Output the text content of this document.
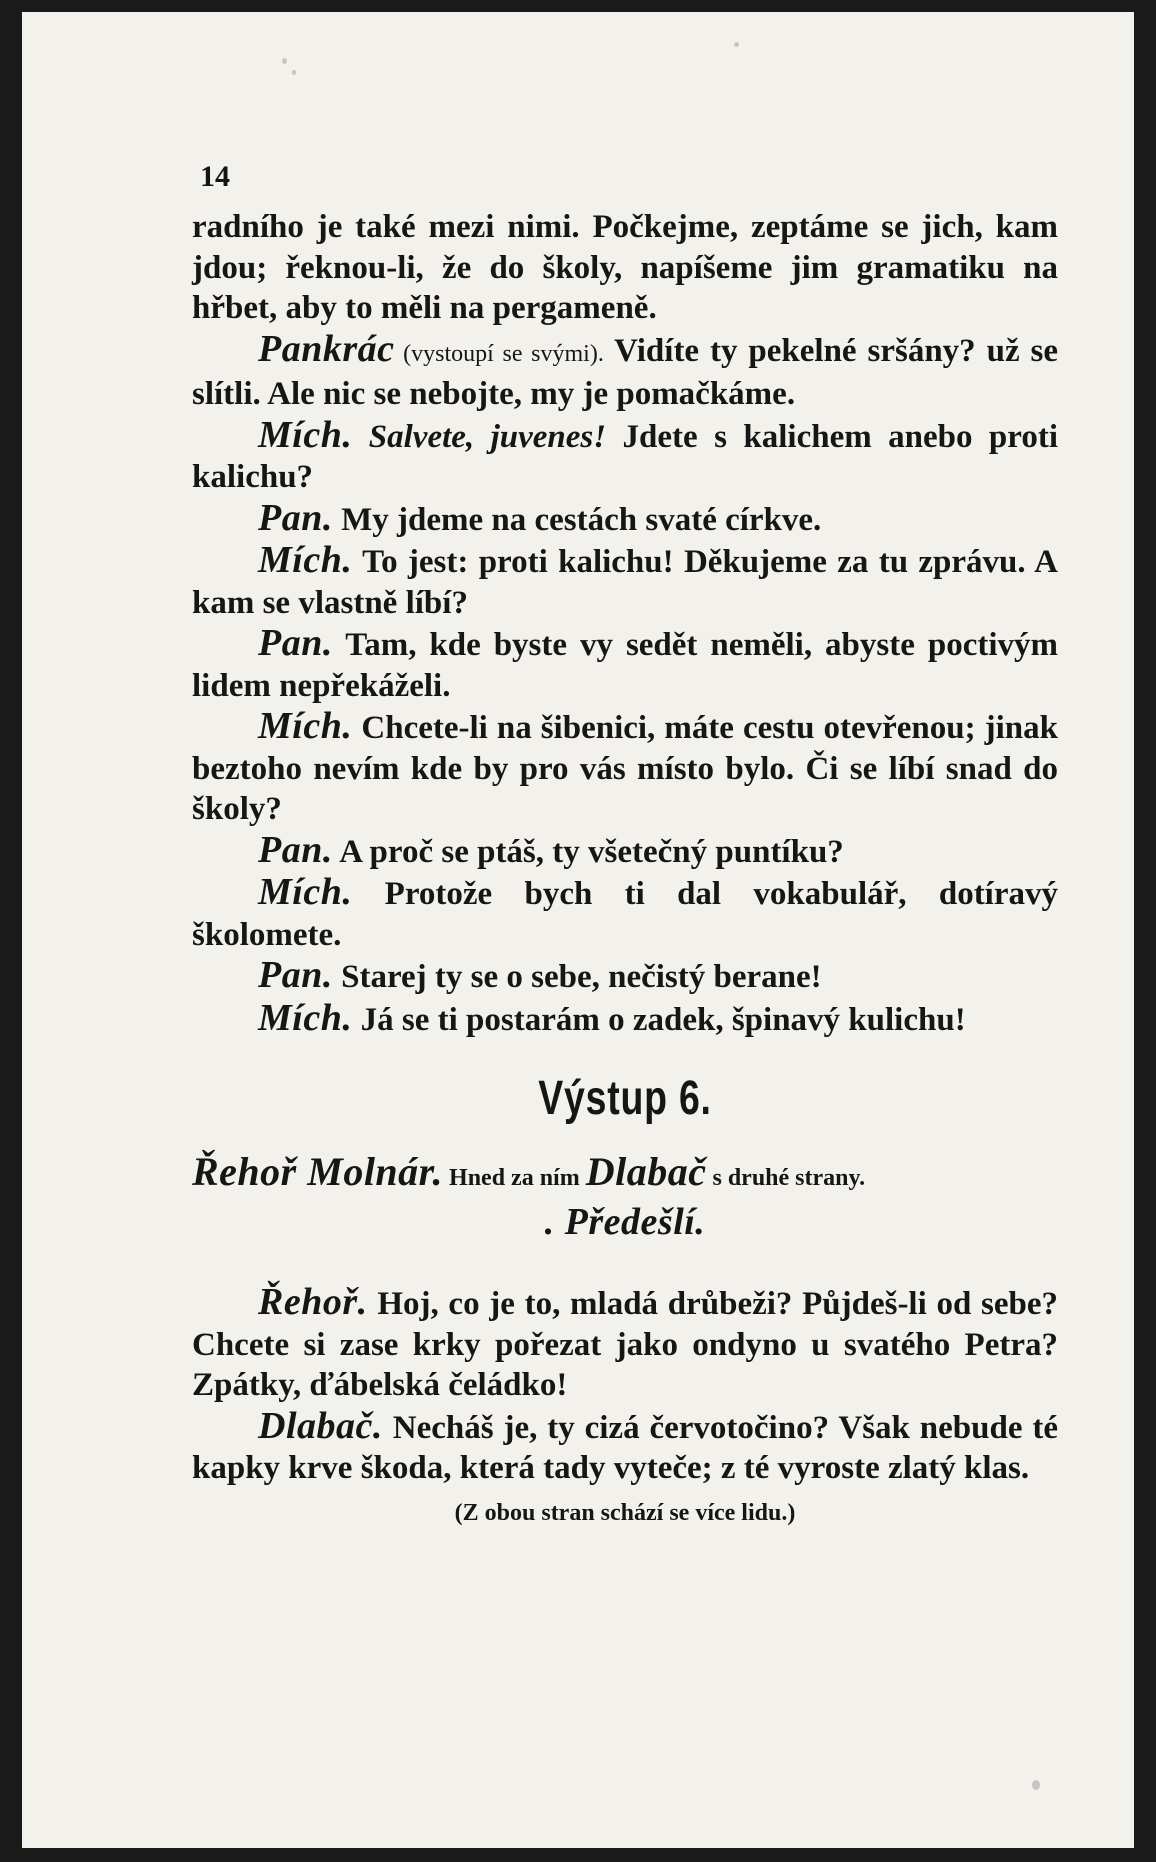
14

radního je také mezi nimi. Počkejme, zeptáme se jich, kam jdou; řeknou-li, že do školy, napíšeme jim gramatiku na hřbet, aby to měli na pergameně.

Pankrác (vystoupí se svými). Vidíte ty pekelné sršány? už se slítli. Ale nic se nebojte, my je pomačkáme.

Mích. Salvete, juvenes! Jdete s kalichem anebo proti kalichu?

Pan. My jdeme na cestách svaté církve.

Mích. To jest: proti kalichu! Děkujeme za tu zprávu. A kam se vlastně líbí?

Pan. Tam, kde byste vy sedět neměli, abyste poctivým lidem nepřekáželi.

Mích. Chcete-li na šibenici, máte cestu otevřenou; jinak beztoho nevím kde by pro vás místo bylo. Či se líbí snad do školy?

Pan. A proč se ptáš, ty všetečný puntíku?

Mích. Protože bych ti dal vokabulář, dotíravý školomete.

Pan. Starej ty se o sebe, nečistý berane!

Mích. Já se ti postarám o zadek, špinavý kulichu!

Výstup 6.

Řehoř Molnár. Hned za ním Dlabač s druhé strany.

. Předešlí.

Řehoř. Hoj, co je to, mladá drůbeži? Půjdeš-li od sebe? Chcete si zase krky pořezat jako ondyno u svatého Petra? Zpátky, ďábelská čeládko!

Dlabač. Necháš je, ty cizá červotočino? Však nebude té kapky krve škoda, která tady vyteče; z té vyroste zlatý klas.

(Z obou stran schází se více lidu.)
